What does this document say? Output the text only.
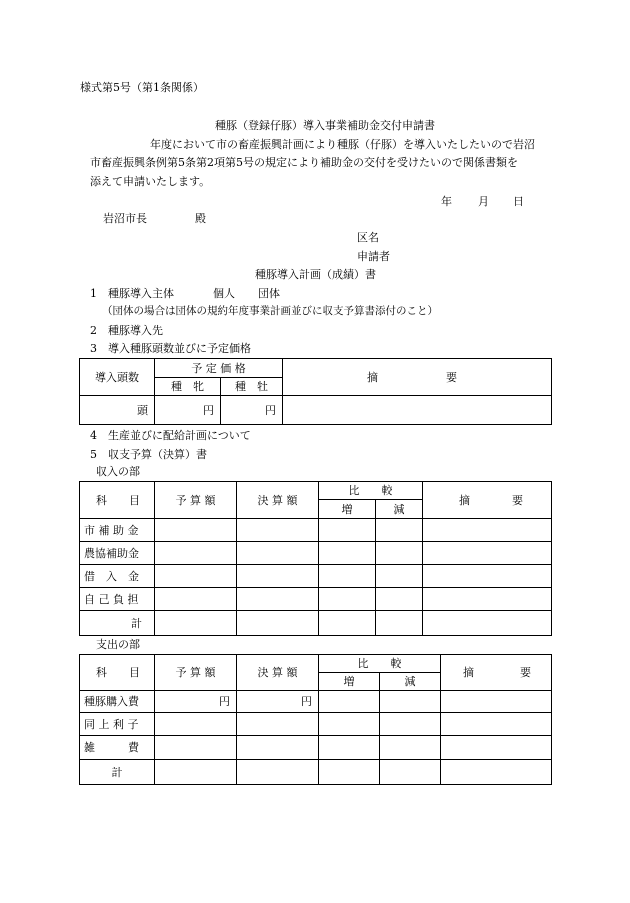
様式第5号（第1条関係）
種豚（登録仔豚）導入事業補助金交付申請書
年度において市の畜産振興計画により種豚（仔豚）を導入いたしたいので岩沼
市畜産振興条例第5条第2項第5号の規定により補助金の交付を受けたいので関係書類を
添えて申請いたします。
年 月 日
岩沼市長	殿
区名
申請者
種豚導入計画（成績）書
1　種豚導入主体	個人 団体
（団体の場合は団体の規約年度事業計画並びに収支予算書添付のこと）
2　種豚導入先
3　導入種豚頭数並びに予定価格
導入頭数	予 定 価 格		摘 要

	種　牝	種　牡	
頭	円	円	
4　生産並びに配給計画について
5　収支予算（決算）書
収入の部
科 目	予 算 額	決 算 額	比　　較		摘 要

			増	減	
市 補 助 金					
農協補助金					
借　入　金					
自 己 負 担					
計					
支出の部
科 目	予 算 額	決 算 額	比　　較		摘 要

			増	減	
種豚購入費	円	円			
同 上 利 子					
雑　　　費					
計					
